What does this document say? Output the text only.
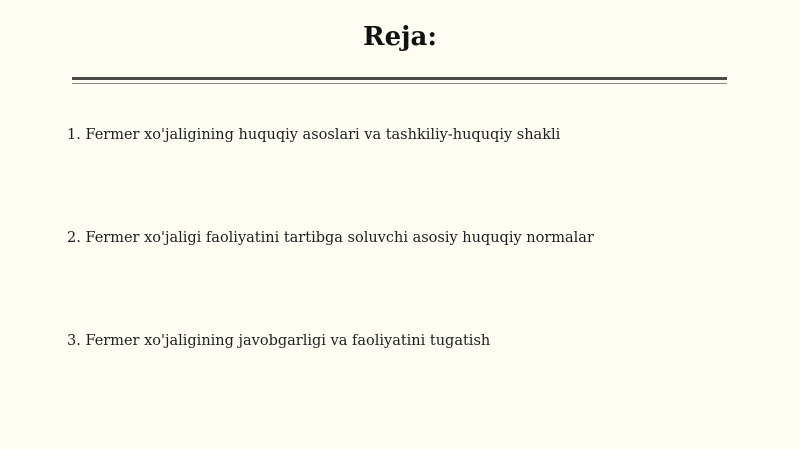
Reja:

1. Fermer xo'jaligining huquqiy asoslari va tashkiliy-huquqiy shakli

2. Fermer xo'jaligi faoliyatini tartibga soluvchi asosiy huquqiy normalar

3. Fermer xo'jaligining javobgarligi va faoliyatini tugatish
